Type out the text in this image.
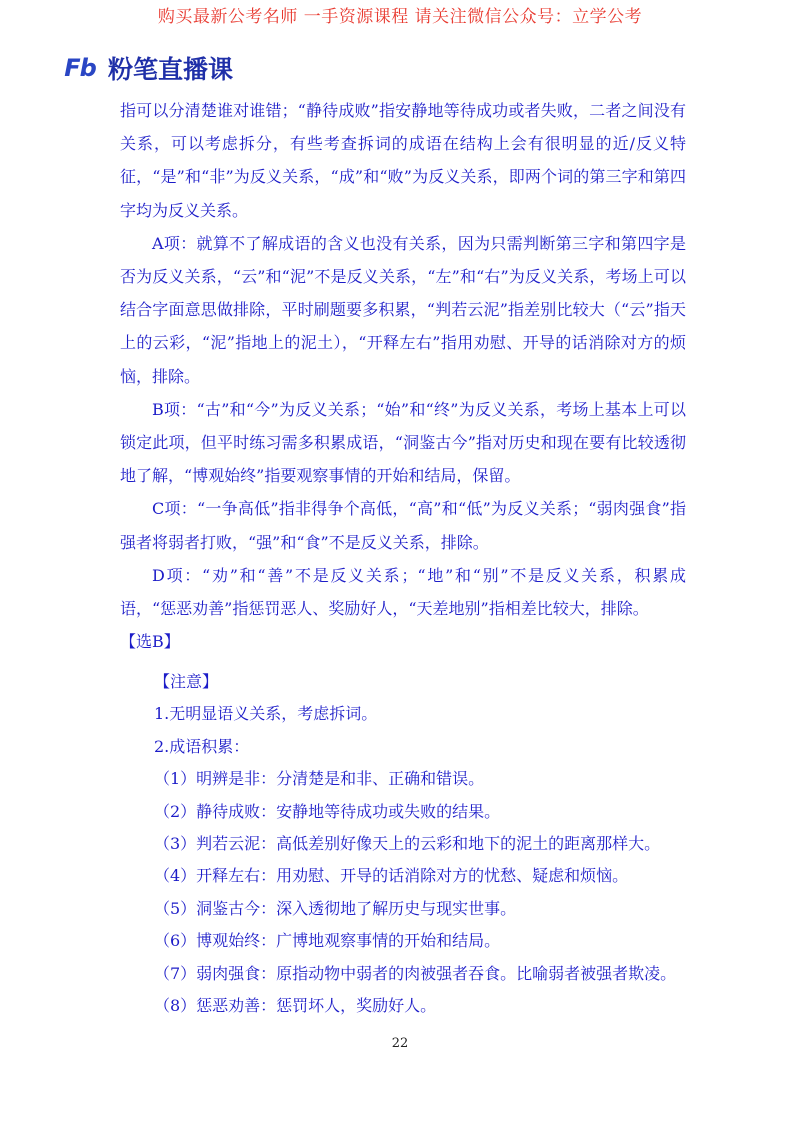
购买最新公考名师 一手资源课程 请关注微信公众号：立学公考
Fb 粉笔直播课

指可以分清楚谁对谁错；“静待成败”指安静地等待成功或者失败，二者之间没有关系，可以考虑拆分，有些考查拆词的成语在结构上会有很明显的近/反义特征，“是”和“非”为反义关系，“成”和“败”为反义关系，即两个词的第三字和第四字均为反义关系。

A项：就算不了解成语的含义也没有关系，因为只需判断第三字和第四字是否为反义关系，“云”和“泥”不是反义关系，“左”和“右”为反义关系，考场上可以结合字面意思做排除，平时刷题要多积累，“判若云泥”指差别比较大（“云”指天上的云彩，“泥”指地上的泥土），“开释左右”指用劝慰、开导的话消除对方的烦恼，排除。

B项：“古”和“今”为反义关系；“始”和“终”为反义关系，考场上基本上可以锁定此项，但平时练习需多积累成语，“洞鉴古今”指对历史和现在要有比较透彻地了解，“博观始终”指要观察事情的开始和结局，保留。

C项：“一争高低”指非得争个高低，“高”和“低”为反义关系；“弱肉强食”指强者将弱者打败，“强”和“食”不是反义关系，排除。

D项：“劝”和“善”不是反义关系；“地”和“别”不是反义关系，积累成语，“惩恶劝善”指惩罚恶人、奖励好人，“天差地别”指相差比较大，排除。

【选B】

【注意】
1.无明显语义关系，考虑拆词。
2.成语积累：
（1）明辨是非：分清楚是和非、正确和错误。
（2）静待成败：安静地等待成功或失败的结果。
（3）判若云泥：高低差别好像天上的云彩和地下的泥土的距离那样大。
（4）开释左右：用劝慰、开导的话消除对方的忧愁、疑虑和烦恼。
（5）洞鉴古今：深入透彻地了解历史与现实世事。
（6）博观始终：广博地观察事情的开始和结局。
（7）弱肉强食：原指动物中弱者的肉被强者吞食。比喻弱者被强者欺凌。
（8）惩恶劝善：惩罚坏人，奖励好人。
22
